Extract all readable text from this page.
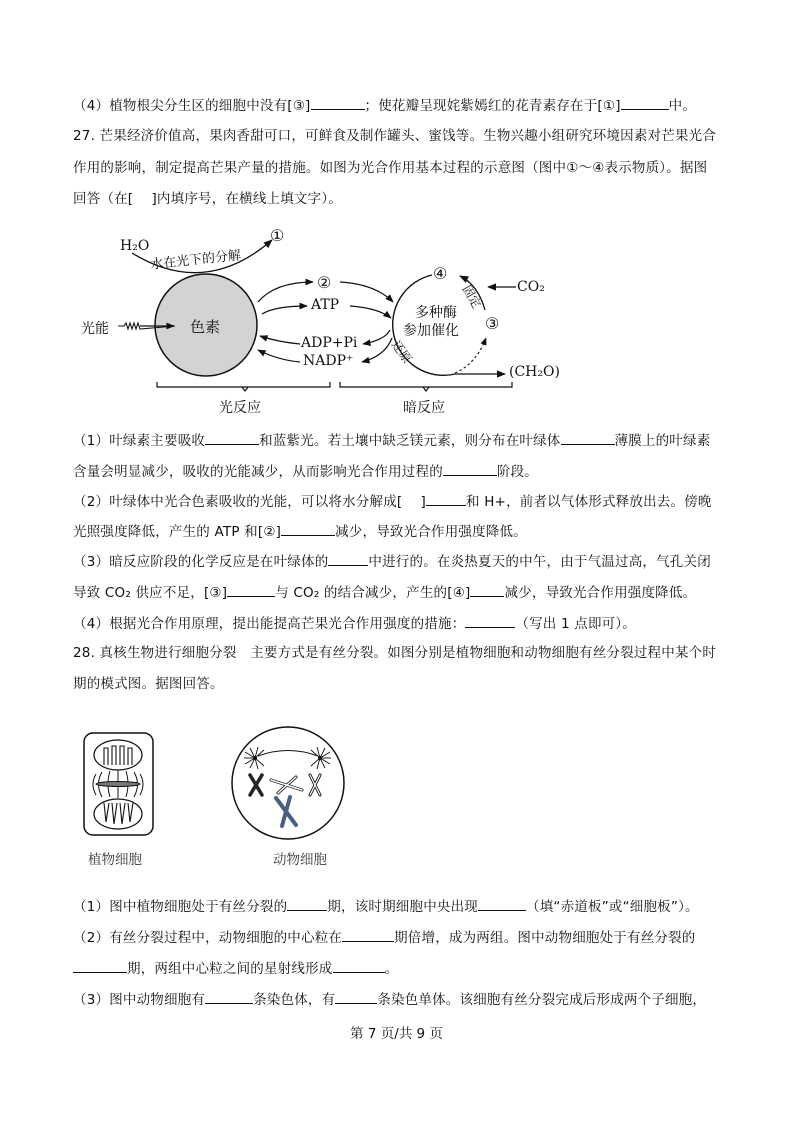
（4）植物根尖分生区的细胞中没有[③]	；使花瓣呈现姹紫嫣红的花青素存在于[①]	中。
27. 芒果经济价值高，果肉香甜可口，可鲜食及制作罐头、蜜饯等。生物兴趣小组研究环境因素对芒果光合
作用的影响，制定提高芒果产量的措施。如图为光合作用基本过程的示意图（图中①～④表示物质）。据图
回答（在[　 ]内填序号，在横线上填文字）。
H₂O
水在光下的分解
①
光能	色素
②
ATP
ADP+Pi
NADP⁺
④
CO₂
固定
多种酶
参加催化 ③
还原
(CH₂O)
光反应	暗反应
（1）叶绿素主要吸收	和蓝紫光。若土壤中缺乏镁元素，则分布在叶绿体	薄膜上的叶绿素
含量会明显减少，吸收的光能减少，从而影响光合作用过程的	阶段。
（2）叶绿体中光合色素吸收的光能，可以将水分解成[　 ]	和 H+，前者以气体形式释放出去。傍晚
光照强度降低，产生的 ATP 和[②]	减少，导致光合作用强度降低。
（3）暗反应阶段的化学反应是在叶绿体的	中进行的。在炎热夏天的中午，由于气温过高，气孔关闭
导致 CO₂ 供应不足，[③]	与 CO₂ 的结合减少，产生的[④]	减少，导致光合作用强度降低。
（4）根据光合作用原理，提出能提高芒果光合作用强度的措施：	（写出 1 点即可）。
28. 真核生物进行细胞分裂　主要方式是有丝分裂。如图分别是植物细胞和动物细胞有丝分裂过程中某个时
期的模式图。据图回答。
植物细胞	动物细胞
（1）图中植物细胞处于有丝分裂的	期，该时期细胞中央出现	（填“赤道板”或“细胞板”）。
（2）有丝分裂过程中，动物细胞的中心粒在	期倍增，成为两组。图中动物细胞处于有丝分裂的
期，两组中心粒之间的星射线形成	。
（3）图中动物细胞有	条染色体，有	条染色单体。该细胞有丝分裂完成后形成两个子细胞，
第 7 页/共 9 页
